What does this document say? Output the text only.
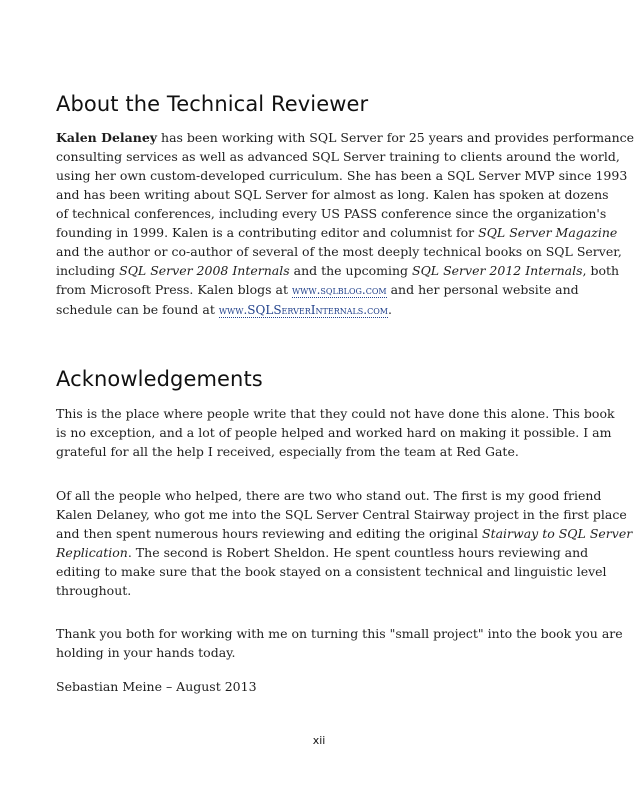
About the Technical Reviewer

Kalen Delaney has been working with SQL Server for 25 years and provides performance
consulting services as well as advanced SQL Server training to clients around the world,
using her own custom-developed curriculum. She has been a SQL Server MVP since 1993
and has been writing about SQL Server for almost as long. Kalen has spoken at dozens
of technical conferences, including every US PASS conference since the organization's
founding in 1999. Kalen is a contributing editor and columnist for SQL Server Magazine
and the author or co-author of several of the most deeply technical books on SQL Server,
including SQL Server 2008 Internals and the upcoming SQL Server 2012 Internals, both
from Microsoft Press. Kalen blogs at www.sqlblog.com and her personal website and
schedule can be found at www.SQLServerInternals.com.

Acknowledgements

This is the place where people write that they could not have done this alone. This book
is no exception, and a lot of people helped and worked hard on making it possible. I am
grateful for all the help I received, especially from the team at Red Gate.

Of all the people who helped, there are two who stand out. The first is my good friend
Kalen Delaney, who got me into the SQL Server Central Stairway project in the first place
and then spent numerous hours reviewing and editing the original Stairway to SQL Server
Replication. The second is Robert Sheldon. He spent countless hours reviewing and
editing to make sure that the book stayed on a consistent technical and linguistic level
throughout.

Thank you both for working with me on turning this "small project" into the book you are
holding in your hands today.

Sebastian Meine – August 2013

xii
